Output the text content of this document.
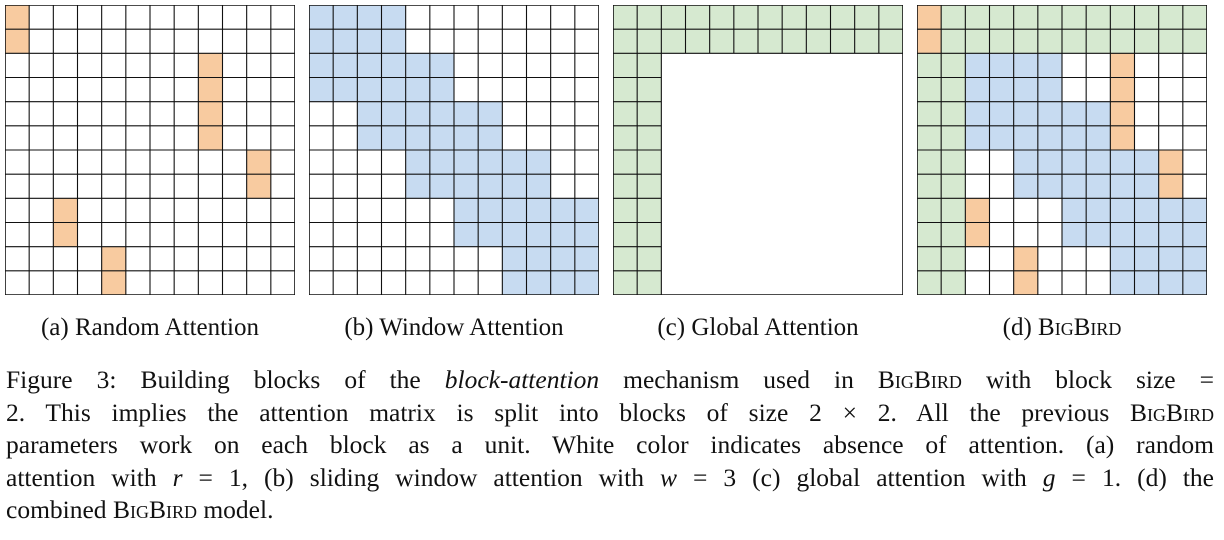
(a) Random Attention	(b) Window Attention	(c) Global Attention	(d) BigBird
Figure 3: Building blocks of the block-attention mechanism used in BigBird with block size =
2. This implies the attention matrix is split into blocks of size 2 × 2. All the previous BigBird
parameters work on each block as a unit. White color indicates absence of attention. (a) random
attention with r = 1, (b) sliding window attention with w = 3 (c) global attention with g = 1. (d) the
combined BigBird model.
